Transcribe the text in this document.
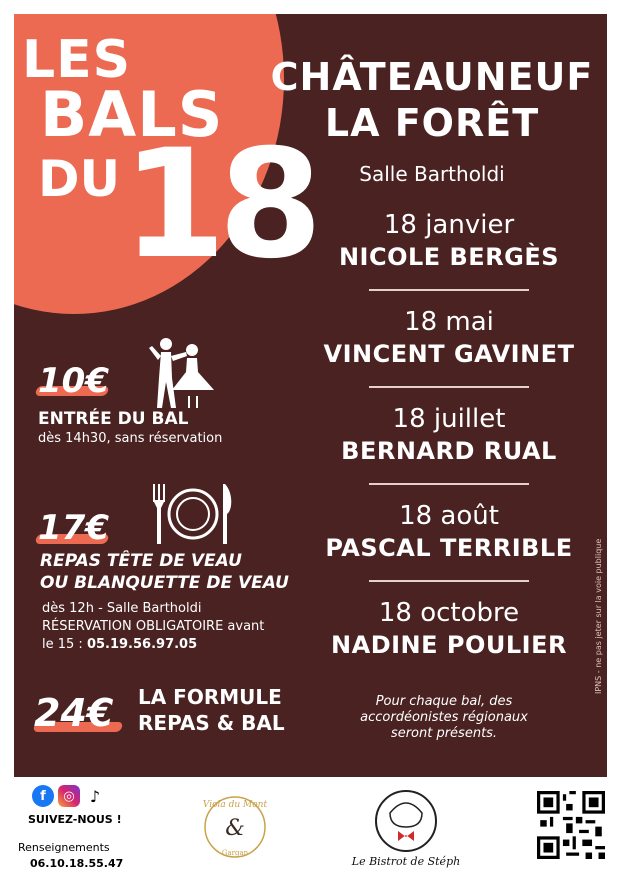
LES
BALS
DU 18
CHÂTEAUNEUF
LA FORÊT
Salle Bartholdi
18 janvier
NICOLE BERGÈS
18 mai
VINCENT GAVINET
18 juillet
BERNARD RUAL
18 août
PASCAL TERRIBLE
18 octobre
NADINE POULIER
Pour chaque bal, des accordéonistes régionaux seront présents.
IPNS - ne pas jeter sur la voie publique
10€
ENTRÉE DU BAL
dès 14h30, sans réservation
17€
REPAS TÊTE DE VEAU
OU BLANQUETTE DE VEAU
dès 12h - Salle Bartholdi
RÉSERVATION OBLIGATOIRE avant
le 15 : 05.19.56.97.05
24€ LA FORMULE
REPAS & BAL
f	◎ ♪
SUIVEZ-NOUS !
Renseignements
06.10.18.55.47
Viola du Mont
&
Gargan
Le Bistrot de Stéph
